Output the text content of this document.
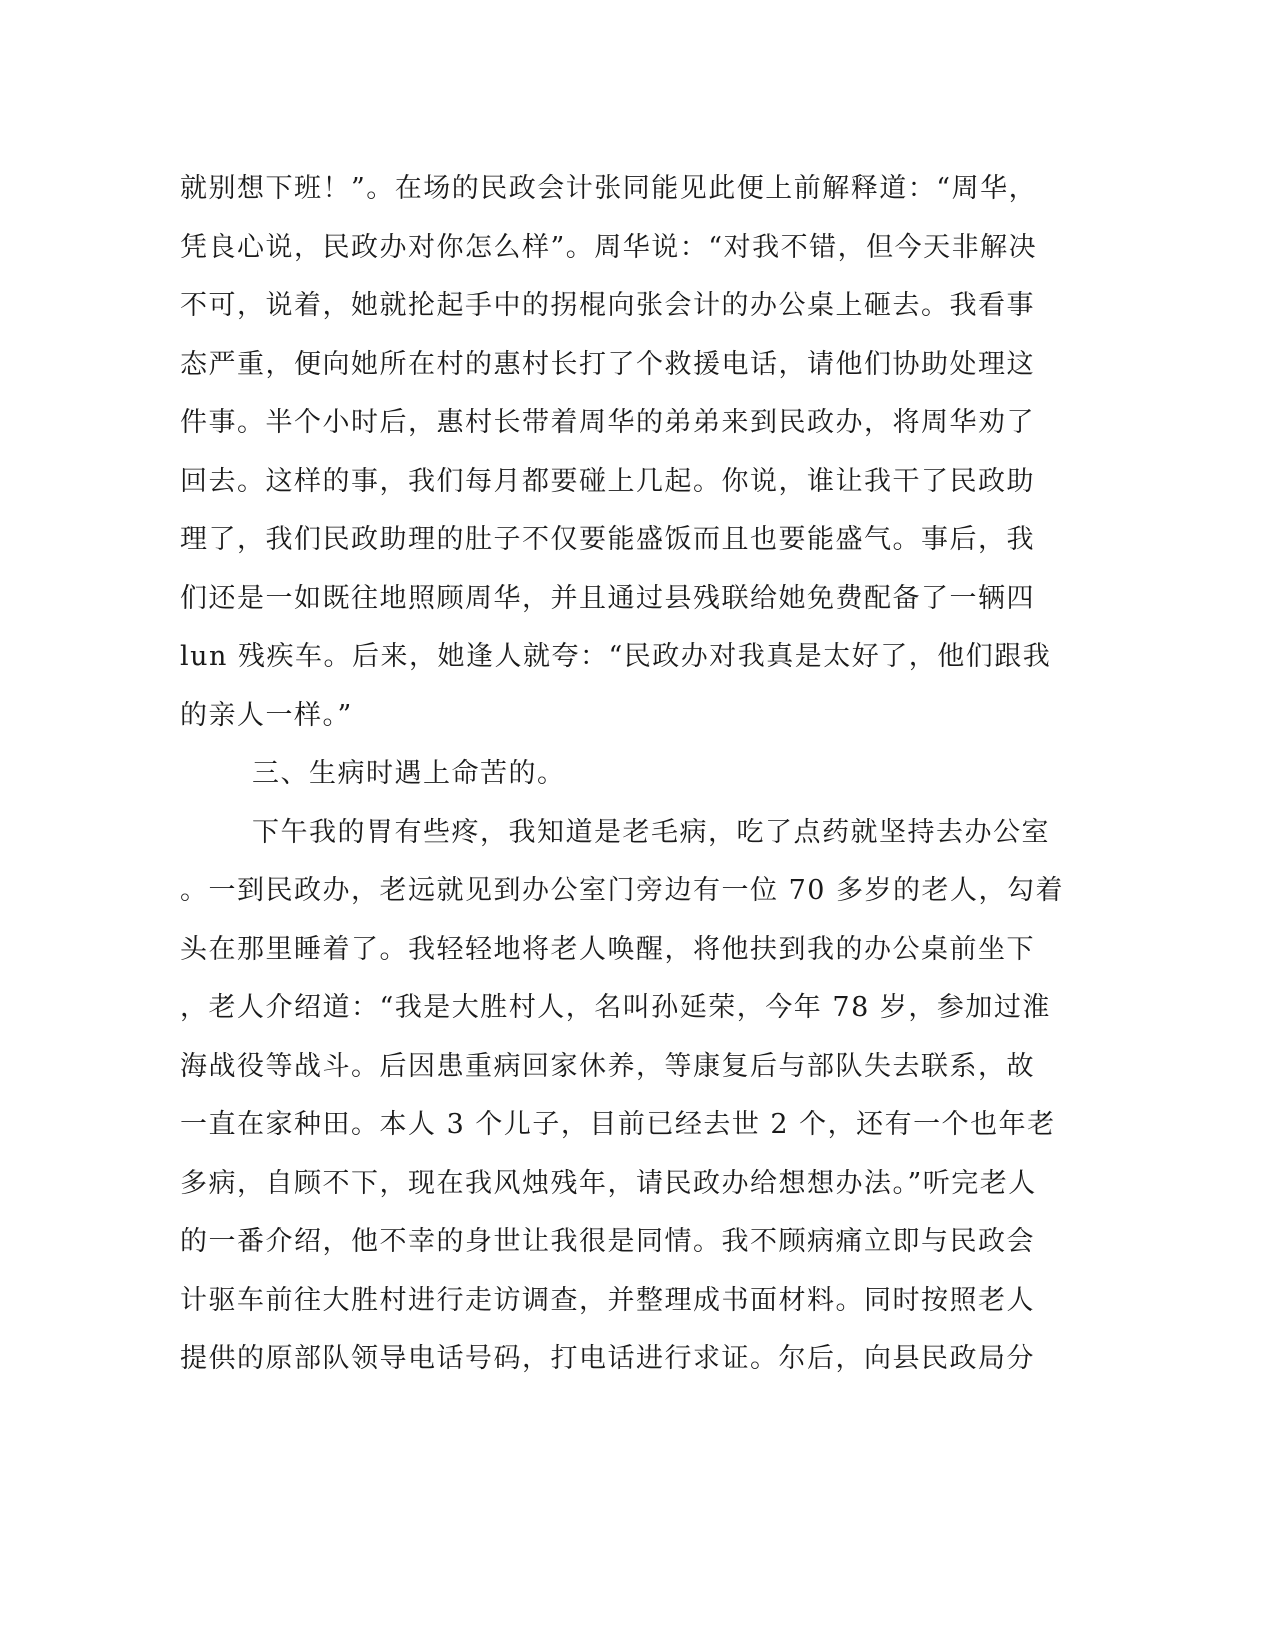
就别想下班！”。在场的民政会计张同能见此便上前解释道：“周华，
凭良心说，民政办对你怎么样”。周华说：“对我不错，但今天非解决
不可，说着，她就抡起手中的拐棍向张会计的办公桌上砸去。我看事
态严重，便向她所在村的惠村长打了个救援电话，请他们协助处理这
件事。半个小时后，惠村长带着周华的弟弟来到民政办，将周华劝了
回去。这样的事，我们每月都要碰上几起。你说，谁让我干了民政助
理了，我们民政助理的肚子不仅要能盛饭而且也要能盛气。事后，我
们还是一如既往地照顾周华，并且通过县残联给她免费配备了一辆四
lun 残疾车。后来，她逢人就夸：“民政办对我真是太好了，他们跟我
的亲人一样。”
三、生病时遇上命苦的。
下午我的胃有些疼，我知道是老毛病，吃了点药就坚持去办公室
。一到民政办，老远就见到办公室门旁边有一位 70 多岁的老人，勾着
头在那里睡着了。我轻轻地将老人唤醒，将他扶到我的办公桌前坐下
，老人介绍道：“我是大胜村人，名叫孙延荣，今年 78 岁，参加过淮
海战役等战斗。后因患重病回家休养，等康复后与部队失去联系，故
一直在家种田。本人 3 个儿子，目前已经去世 2 个，还有一个也年老
多病，自顾不下，现在我风烛残年，请民政办给想想办法。”听完老人
的一番介绍，他不幸的身世让我很是同情。我不顾病痛立即与民政会
计驱车前往大胜村进行走访调查，并整理成书面材料。同时按照老人
提供的原部队领导电话号码，打电话进行求证。尔后，向县民政局分
